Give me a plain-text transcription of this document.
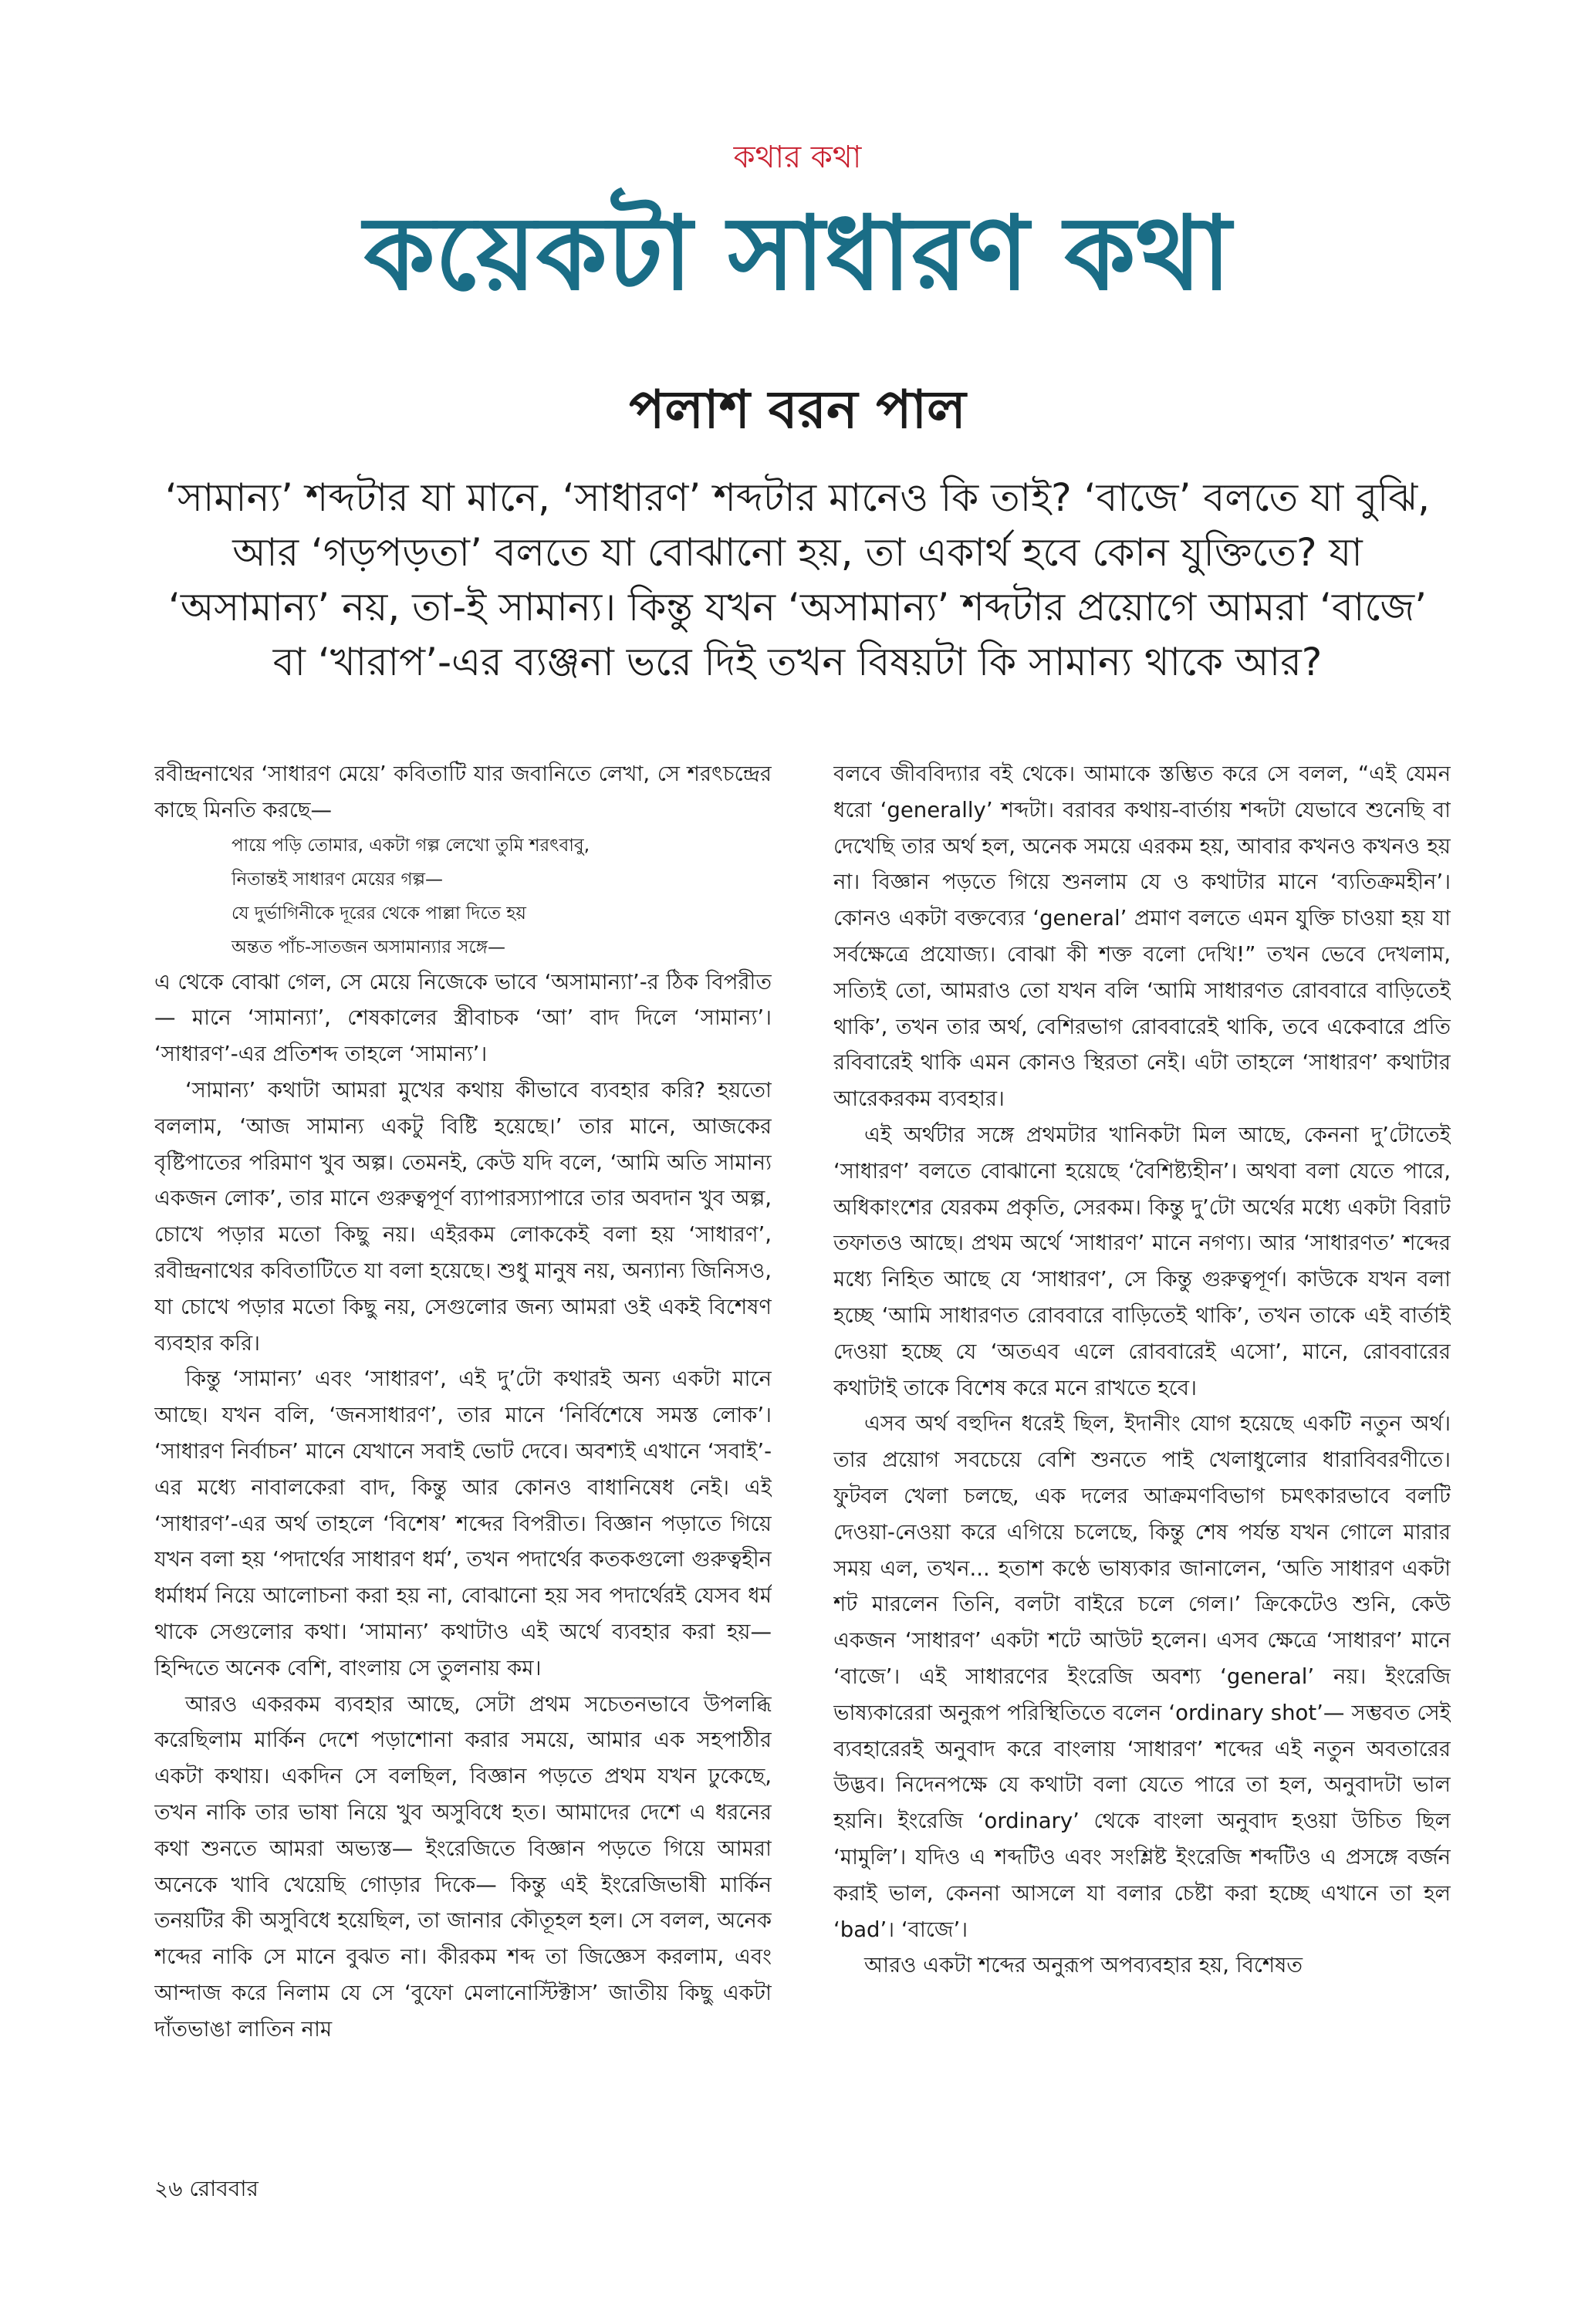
কথার কথা
কয়েকটা সাধারণ কথা
পলাশ বরন পাল
‘সামান্য’ শব্দটার যা মানে, ‘সাধারণ’ শব্দটার মানেও কি তাই? ‘বাজে’ বলতে যা বুঝি, আর ‘গড়পড়তা’ বলতে যা বোঝানো হয়, তা একার্থ হবে কোন যুক্তিতে? যা ‘অসামান্য’ নয়, তা-ই সামান্য। কিন্তু যখন ‘অসামান্য’ শব্দটার প্রয়োগে আমরা ‘বাজে’ বা ‘খারাপ’-এর ব্যঞ্জনা ভরে দিই তখন বিষয়টা কি সামান্য থাকে আর?

রবীন্দ্রনাথের ‘সাধারণ মেয়ে’ কবিতাটি যার জবানিতে লেখা, সে শরৎচন্দ্রের কাছে মিনতি করছে—

পায়ে পড়ি তোমার, একটা গল্প লেখো তুমি শরৎবাবু,
নিতান্তই সাধারণ মেয়ের গল্প—
যে দুর্ভাগিনীকে দূরের থেকে পাল্লা দিতে হয়
অন্তত পাঁচ-সাতজন অসামান্যার সঙ্গে—

এ থেকে বোঝা গেল, সে মেয়ে নিজেকে ভাবে ‘অসামান্যা’-র ঠিক বিপরীত— মানে ‘সামান্যা’, শেষকালের স্ত্রীবাচক ‘আ’ বাদ দিলে ‘সামান্য’। ‘সাধারণ’-এর প্রতিশব্দ তাহলে ‘সামান্য’।

‘সামান্য’ কথাটা আমরা মুখের কথায় কীভাবে ব্যবহার করি? হয়তো বললাম, ‘আজ সামান্য একটু বিষ্টি হয়েছে।’ তার মানে, আজকের বৃষ্টিপাতের পরিমাণ খুব অল্প। তেমনই, কেউ যদি বলে, ‘আমি অতি সামান্য একজন লোক’, তার মানে গুরুত্বপূর্ণ ব্যাপারস্যাপারে তার অবদান খুব অল্প, চোখে পড়ার মতো কিছু নয়। এইরকম লোককেই বলা হয় ‘সাধারণ’, রবীন্দ্রনাথের কবিতাটিতে যা বলা হয়েছে। শুধু মানুষ নয়, অন্যান্য জিনিসও, যা চোখে পড়ার মতো কিছু নয়, সেগুলোর জন্য আমরা ওই একই বিশেষণ ব্যবহার করি।

কিন্তু ‘সামান্য’ এবং ‘সাধারণ’, এই দু’টো কথারই অন্য একটা মানে আছে। যখন বলি, ‘জনসাধারণ’, তার মানে ‘নির্বিশেষে সমস্ত লোক’। ‘সাধারণ নির্বাচন’ মানে যেখানে সবাই ভোট দেবে। অবশ্যই এখানে ‘সবাই’-এর মধ্যে নাবালকেরা বাদ, কিন্তু আর কোনও বাধানিষেধ নেই। এই ‘সাধারণ’-এর অর্থ তাহলে ‘বিশেষ’ শব্দের বিপরীত। বিজ্ঞান পড়াতে গিয়ে যখন বলা হয় ‘পদার্থের সাধারণ ধর্ম’, তখন পদার্থের কতকগুলো গুরুত্বহীন ধর্মাধর্ম নিয়ে আলোচনা করা হয় না, বোঝানো হয় সব পদার্থেরই যেসব ধর্ম থাকে সেগুলোর কথা। ‘সামান্য’ কথাটাও এই অর্থে ব্যবহার করা হয়— হিন্দিতে অনেক বেশি, বাংলায় সে তুলনায় কম।

আরও একরকম ব্যবহার আছে, সেটা প্রথম সচেতনভাবে উপলব্ধি করেছিলাম মার্কিন দেশে পড়াশোনা করার সময়ে, আমার এক সহপাঠীর একটা কথায়। একদিন সে বলছিল, বিজ্ঞান পড়তে প্রথম যখন ঢুকেছে, তখন নাকি তার ভাষা নিয়ে খুব অসুবিধে হত। আমাদের দেশে এ ধরনের কথা শুনতে আমরা অভ্যস্ত— ইংরেজিতে বিজ্ঞান পড়তে গিয়ে আমরা অনেকে খাবি খেয়েছি গোড়ার দিকে— কিন্তু এই ইংরেজিভাষী মার্কিন তনয়টির কী অসুবিধে হয়েছিল, তা জানার কৌতূহল হল। সে বলল, অনেক শব্দের নাকি সে মানে বুঝত না। কীরকম শব্দ তা জিজ্ঞেস করলাম, এবং আন্দাজ করে নিলাম যে সে ‘বুফো মেলানোস্টিক্টাস’ জাতীয় কিছু একটা দাঁতভাঙা লাতিন নাম

বলবে জীববিদ্যার বই থেকে। আমাকে স্তম্ভিত করে সে বলল, “এই যেমন ধরো ‘generally’ শব্দটা। বরাবর কথায়-বার্তায় শব্দটা যেভাবে শুনেছি বা দেখেছি তার অর্থ হল, অনেক সময়ে এরকম হয়, আবার কখনও কখনও হয় না। বিজ্ঞান পড়তে গিয়ে শুনলাম যে ও কথাটার মানে ‘ব্যতিক্রমহীন’। কোনও একটা বক্তব্যের ‘general’ প্রমাণ বলতে এমন যুক্তি চাওয়া হয় যা সর্বক্ষেত্রে প্রযোজ্য। বোঝা কী শক্ত বলো দেখি!” তখন ভেবে দেখলাম, সত্যিই তো, আমরাও তো যখন বলি ‘আমি সাধারণত রোববারে বাড়িতেই থাকি’, তখন তার অর্থ, বেশিরভাগ রোববারেই থাকি, তবে একেবারে প্রতি রবিবারেই থাকি এমন কোনও স্থিরতা নেই। এটা তাহলে ‘সাধারণ’ কথাটার আরেকরকম ব্যবহার।

এই অর্থটার সঙ্গে প্রথমটার খানিকটা মিল আছে, কেননা দু’টোতেই ‘সাধারণ’ বলতে বোঝানো হয়েছে ‘বৈশিষ্ট্যহীন’। অথবা বলা যেতে পারে, অধিকাংশের যেরকম প্রকৃতি, সেরকম। কিন্তু দু’টো অর্থের মধ্যে একটা বিরাট তফাতও আছে। প্রথম অর্থে ‘সাধারণ’ মানে নগণ্য। আর ‘সাধারণত’ শব্দের মধ্যে নিহিত আছে যে ‘সাধারণ’, সে কিন্তু গুরুত্বপূর্ণ। কাউকে যখন বলা হচ্ছে ‘আমি সাধারণত রোববারে বাড়িতেই থাকি’, তখন তাকে এই বার্তাই দেওয়া হচ্ছে যে ‘অতএব এলে রোববারেই এসো’, মানে, রোববারের কথাটাই তাকে বিশেষ করে মনে রাখতে হবে।

এসব অর্থ বহুদিন ধরেই ছিল, ইদানীং যোগ হয়েছে একটি নতুন অর্থ। তার প্রয়োগ সবচেয়ে বেশি শুনতে পাই খেলাধুলোর ধারাবিবরণীতে। ফুটবল খেলা চলছে, এক দলের আক্রমণবিভাগ চমৎকারভাবে বলটি দেওয়া-নেওয়া করে এগিয়ে চলেছে, কিন্তু শেষ পর্যন্ত যখন গোলে মারার সময় এল, তখন... হতাশ কণ্ঠে ভাষ্যকার জানালেন, ‘অতি সাধারণ একটা শট মারলেন তিনি, বলটা বাইরে চলে গেল।’ ক্রিকেটেও শুনি, কেউ একজন ‘সাধারণ’ একটা শটে আউট হলেন। এসব ক্ষেত্রে ‘সাধারণ’ মানে ‘বাজে’। এই সাধারণের ইংরেজি অবশ্য ‘general’ নয়। ইংরেজি ভাষ্যকারেরা অনুরূপ পরিস্থিতিতে বলেন ‘ordinary shot’— সম্ভবত সেই ব্যবহারেরই অনুবাদ করে বাংলায় ‘সাধারণ’ শব্দের এই নতুন অবতারের উদ্ভব। নিদেনপক্ষে যে কথাটা বলা যেতে পারে তা হল, অনুবাদটা ভাল হয়নি। ইংরেজি ‘ordinary’ থেকে বাংলা অনুবাদ হওয়া উচিত ছিল ‘মামুলি’। যদিও এ শব্দটিও এবং সংশ্লিষ্ট ইংরেজি শব্দটিও এ প্রসঙ্গে বর্জন করাই ভাল, কেননা আসলে যা বলার চেষ্টা করা হচ্ছে এখানে তা হল ‘bad’। ‘বাজে’।

আরও একটা শব্দের অনুরূপ অপব্যবহার হয়, বিশেষত

২৬ রোববার
